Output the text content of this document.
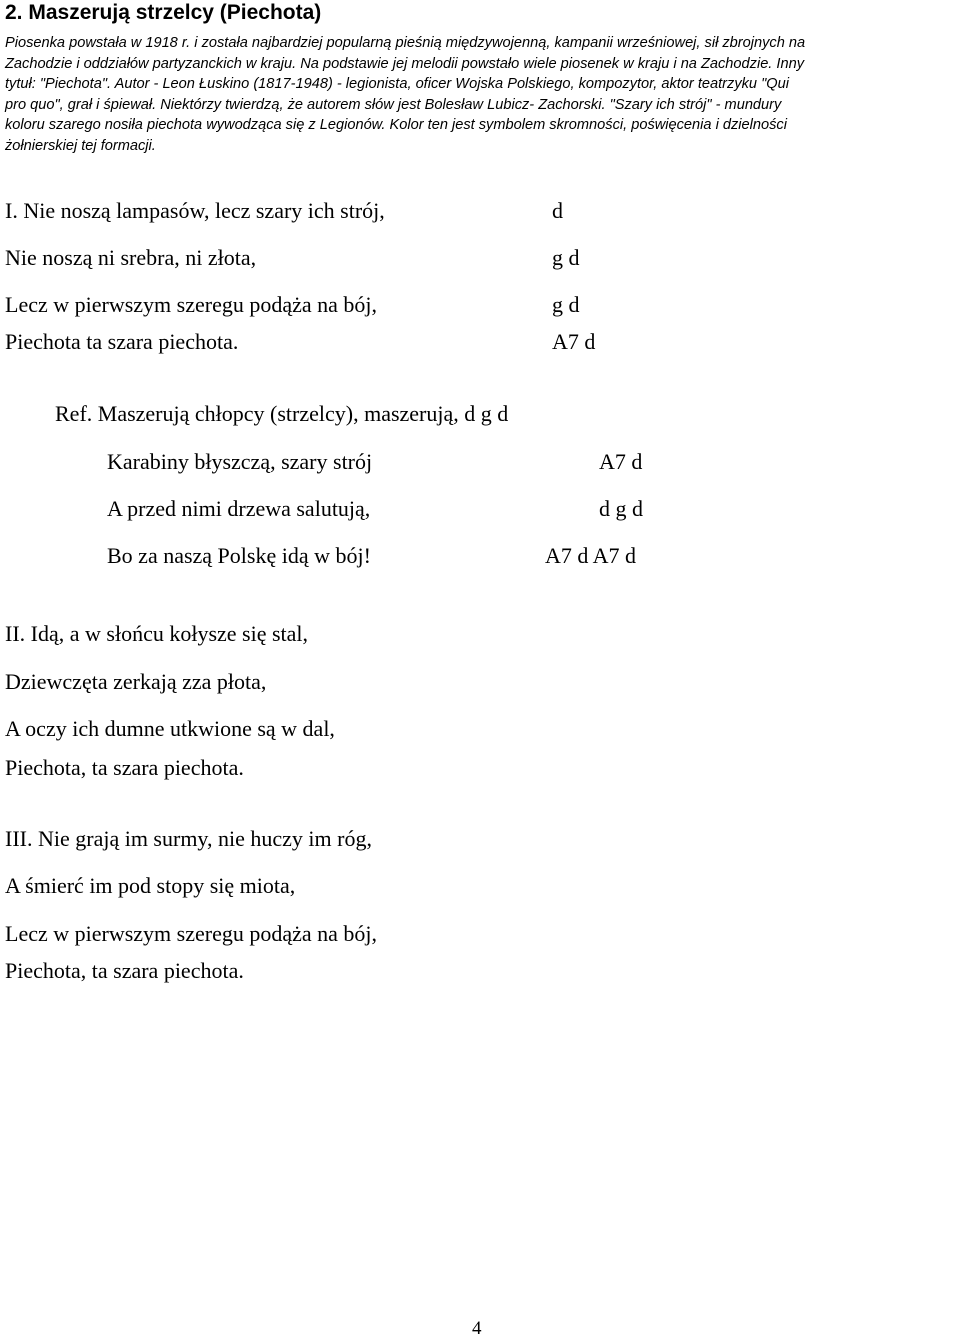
2. Maszerują strzelcy (Piechota)
Piosenka powstała w 1918 r. i została najbardziej popularną pieśnią międzywojenną, kampanii wrześniowej, sił zbrojnych na
Zachodzie i oddziałów partyzanckich w kraju. Na podstawie jej melodii powstało wiele piosenek w kraju i na Zachodzie. Inny
tytuł: "Piechota". Autor - Leon Łuskino (1817-1948) - legionista, oficer Wojska Polskiego, kompozytor, aktor teatrzyku "Qui
pro quo", grał i śpiewał. Niektórzy twierdzą, że autorem słów jest Bolesław Lubicz- Zachorski. "Szary ich strój" - mundury
koloru szarego nosiła piechota wywodząca się z Legionów. Kolor ten jest symbolem skromności, poświęcenia i dzielności
żołnierskiej tej formacji.
I. Nie noszą lampasów, lecz szary ich strój,
Nie noszą ni srebra, ni złota,
Lecz w pierwszym szeregu podąża na bój,
Piechota ta szara piechota.
d
g d
g d
A7 d
Ref. Maszerują chłopcy (strzelcy), maszerują, d g d
Karabiny błyszczą, szary strój
A przed nimi drzewa salutują,
Bo za naszą Polskę idą w bój!
A7 d
d g d
A7 d A7 d
II. Idą, a w słońcu kołysze się stal,
Dziewczęta zerkają zza płota,
A oczy ich dumne utkwione są w dal,
Piechota, ta szara piechota.
III. Nie grają im surmy, nie huczy im róg,
A śmierć im pod stopy się miota,
Lecz w pierwszym szeregu podąża na bój,
Piechota, ta szara piechota.
4
